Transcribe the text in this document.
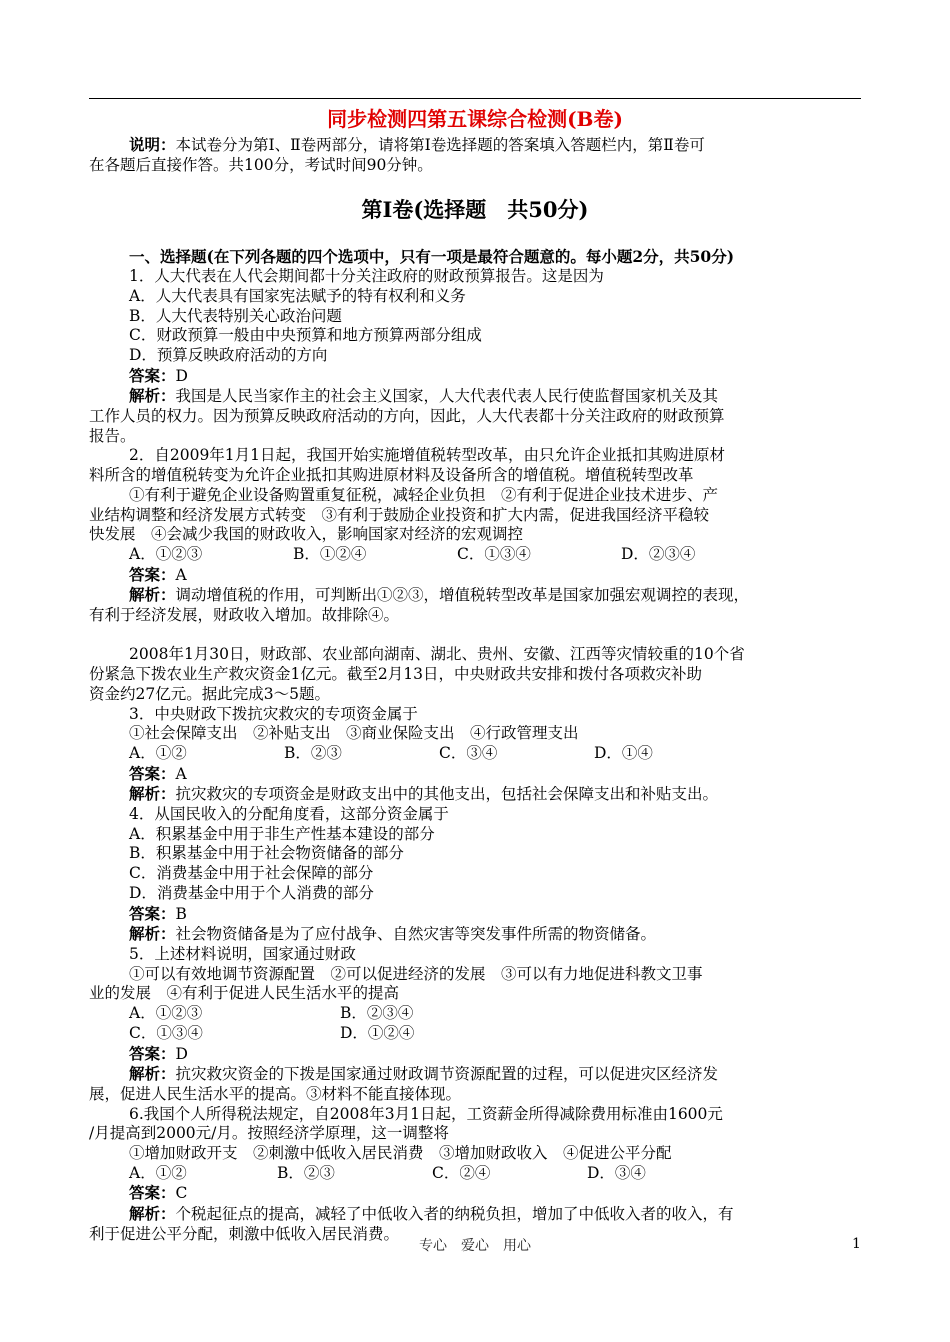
同步检测四第五课综合检测(B卷)
说明：本试卷分为第Ⅰ、Ⅱ卷两部分，请将第Ⅰ卷选择题的答案填入答题栏内，第Ⅱ卷可
在各题后直接作答。共100分，考试时间90分钟。
第Ⅰ卷(选择题　共50分)
一、选择题(在下列各题的四个选项中，只有一项是最符合题意的。每小题2分，共50分)
1．人大代表在人代会期间都十分关注政府的财政预算报告。这是因为
A．人大代表具有国家宪法赋予的特有权利和义务
B．人大代表特别关心政治问题
C．财政预算一般由中央预算和地方预算两部分组成
D．预算反映政府活动的方向
答案：D
解析：我国是人民当家作主的社会主义国家，人大代表代表人民行使监督国家机关及其
工作人员的权力。因为预算反映政府活动的方向，因此，人大代表都十分关注政府的财政预算
报告。
2．自2009年1月1日起，我国开始实施增值税转型改革，由只允许企业抵扣其购进原材
料所含的增值税转变为允许企业抵扣其购进原材料及设备所含的增值税。增值税转型改革
①有利于避免企业设备购置重复征税，减轻企业负担　②有利于促进企业技术进步、产
业结构调整和经济发展方式转变　③有利于鼓励企业投资和扩大内需，促进我国经济平稳较
快发展　④会减少我国的财政收入，影响国家对经济的宏观调控
A．①②③	B．①②④	C．①③④	D．②③④
答案：A
解析：调动增值税的作用，可判断出①②③，增值税转型改革是国家加强宏观调控的表现，
有利于经济发展，财政收入增加。故排除④。
2008年1月30日，财政部、农业部向湖南、湖北、贵州、安徽、江西等灾情较重的10个省
份紧急下拨农业生产救灾资金1亿元。截至2月13日，中央财政共安排和拨付各项救灾补助
资金约27亿元。据此完成3～5题。
3．中央财政下拨抗灾救灾的专项资金属于
①社会保障支出　②补贴支出　③商业保险支出　④行政管理支出
A．①②	B．②③	C．③④	D．①④
答案：A
解析：抗灾救灾的专项资金是财政支出中的其他支出，包括社会保障支出和补贴支出。
4．从国民收入的分配角度看，这部分资金属于
A．积累基金中用于非生产性基本建设的部分
B．积累基金中用于社会物资储备的部分
C．消费基金中用于社会保障的部分
D．消费基金中用于个人消费的部分
答案：B
解析：社会物资储备是为了应付战争、自然灾害等突发事件所需的物资储备。
5．上述材料说明，国家通过财政
①可以有效地调节资源配置　②可以促进经济的发展　③可以有力地促进科教文卫事
业的发展　④有利于促进人民生活水平的提高
A．①②③	B．②③④
C．①③④	D．①②④
答案：D
解析：抗灾救灾资金的下拨是国家通过财政调节资源配置的过程，可以促进灾区经济发
展，促进人民生活水平的提高。③材料不能直接体现。
6.我国个人所得税法规定，自2008年3月1日起，工资薪金所得减除费用标准由1600元
/月提高到2000元/月。按照经济学原理，这一调整将
①增加财政开支　②刺激中低收入居民消费　③增加财政收入　④促进公平分配
A．①②	B．②③	C．②④	D．③④
答案：C
解析：个税起征点的提高，减轻了中低收入者的纳税负担，增加了中低收入者的收入，有
利于促进公平分配，刺激中低收入居民消费。
专心　爱心　用心	1
